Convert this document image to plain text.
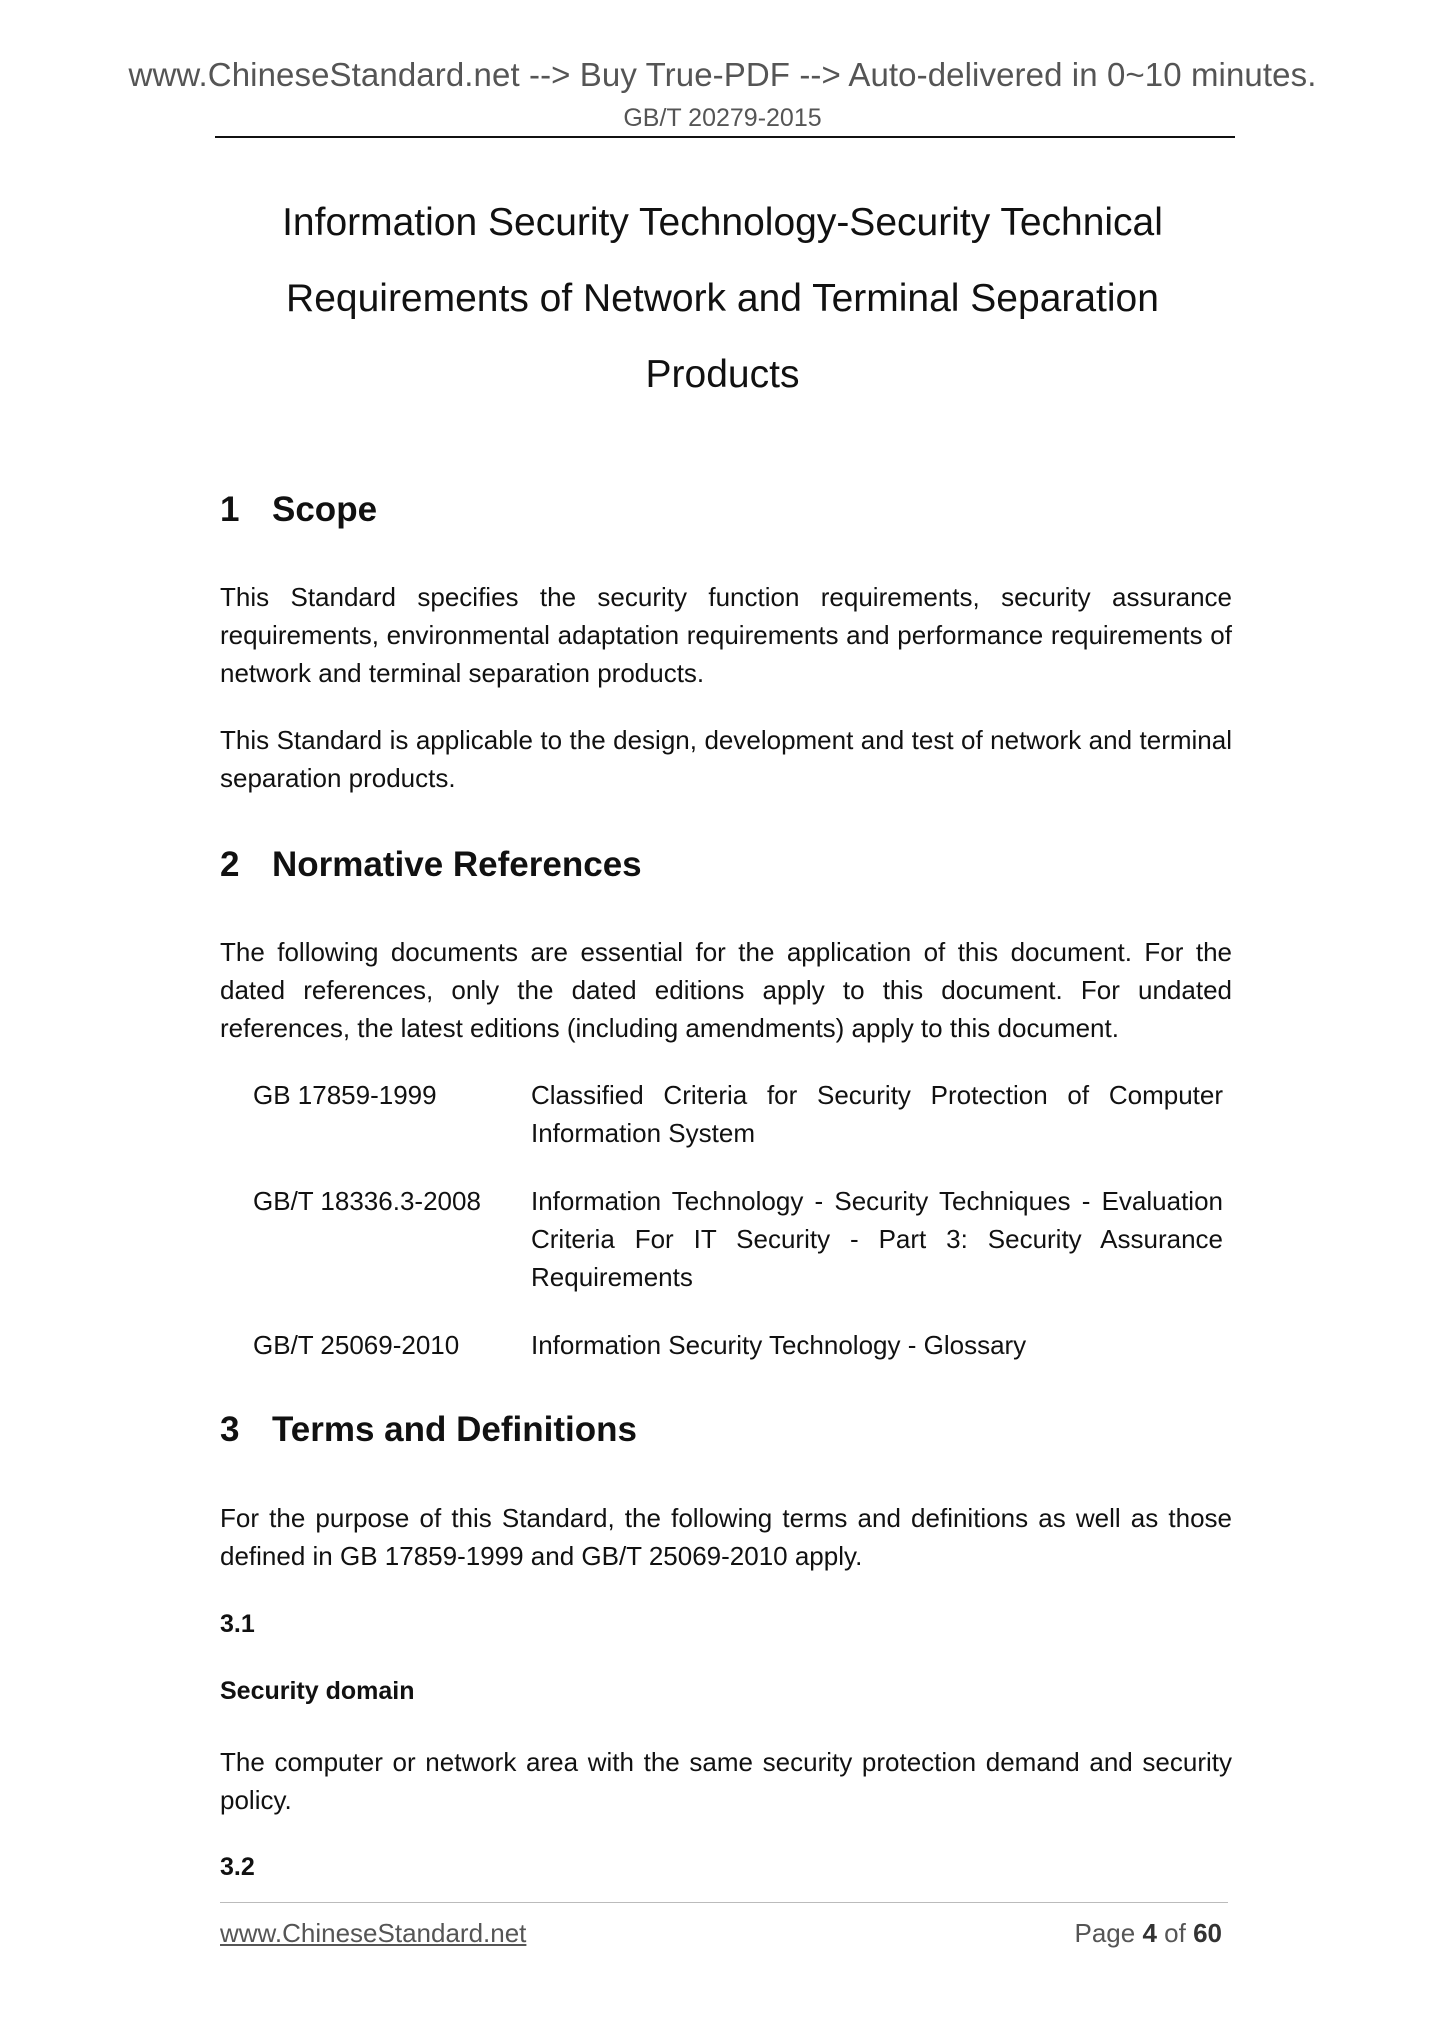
www.ChineseStandard.net --> Buy True-PDF --> Auto-delivered in 0~10 minutes.
GB/T 20279-2015
Information Security Technology-Security Technical
Requirements of Network and Terminal Separation
Products
1 Scope
This Standard specifies the security function requirements, security assurance requirements, environmental adaptation requirements and performance requirements of network and terminal separation products.
This Standard is applicable to the design, development and test of network and terminal separation products.
2 Normative References
The following documents are essential for the application of this document. For the dated references, only the dated editions apply to this document. For undated references, the latest editions (including amendments) apply to this document.
GB 17859-1999	Classified Criteria for Security Protection of Computer Information System
GB/T 18336.3-2008	Information Technology - Security Techniques - Evaluation Criteria For IT Security - Part 3: Security Assurance Requirements
GB/T 25069-2010	Information Security Technology - Glossary
3 Terms and Definitions
For the purpose of this Standard, the following terms and definitions as well as those defined in GB 17859-1999 and GB/T 25069-2010 apply.
3.1
Security domain
The computer or network area with the same security protection demand and security policy.
3.2
www.ChineseStandard.net	Page 4 of 60
